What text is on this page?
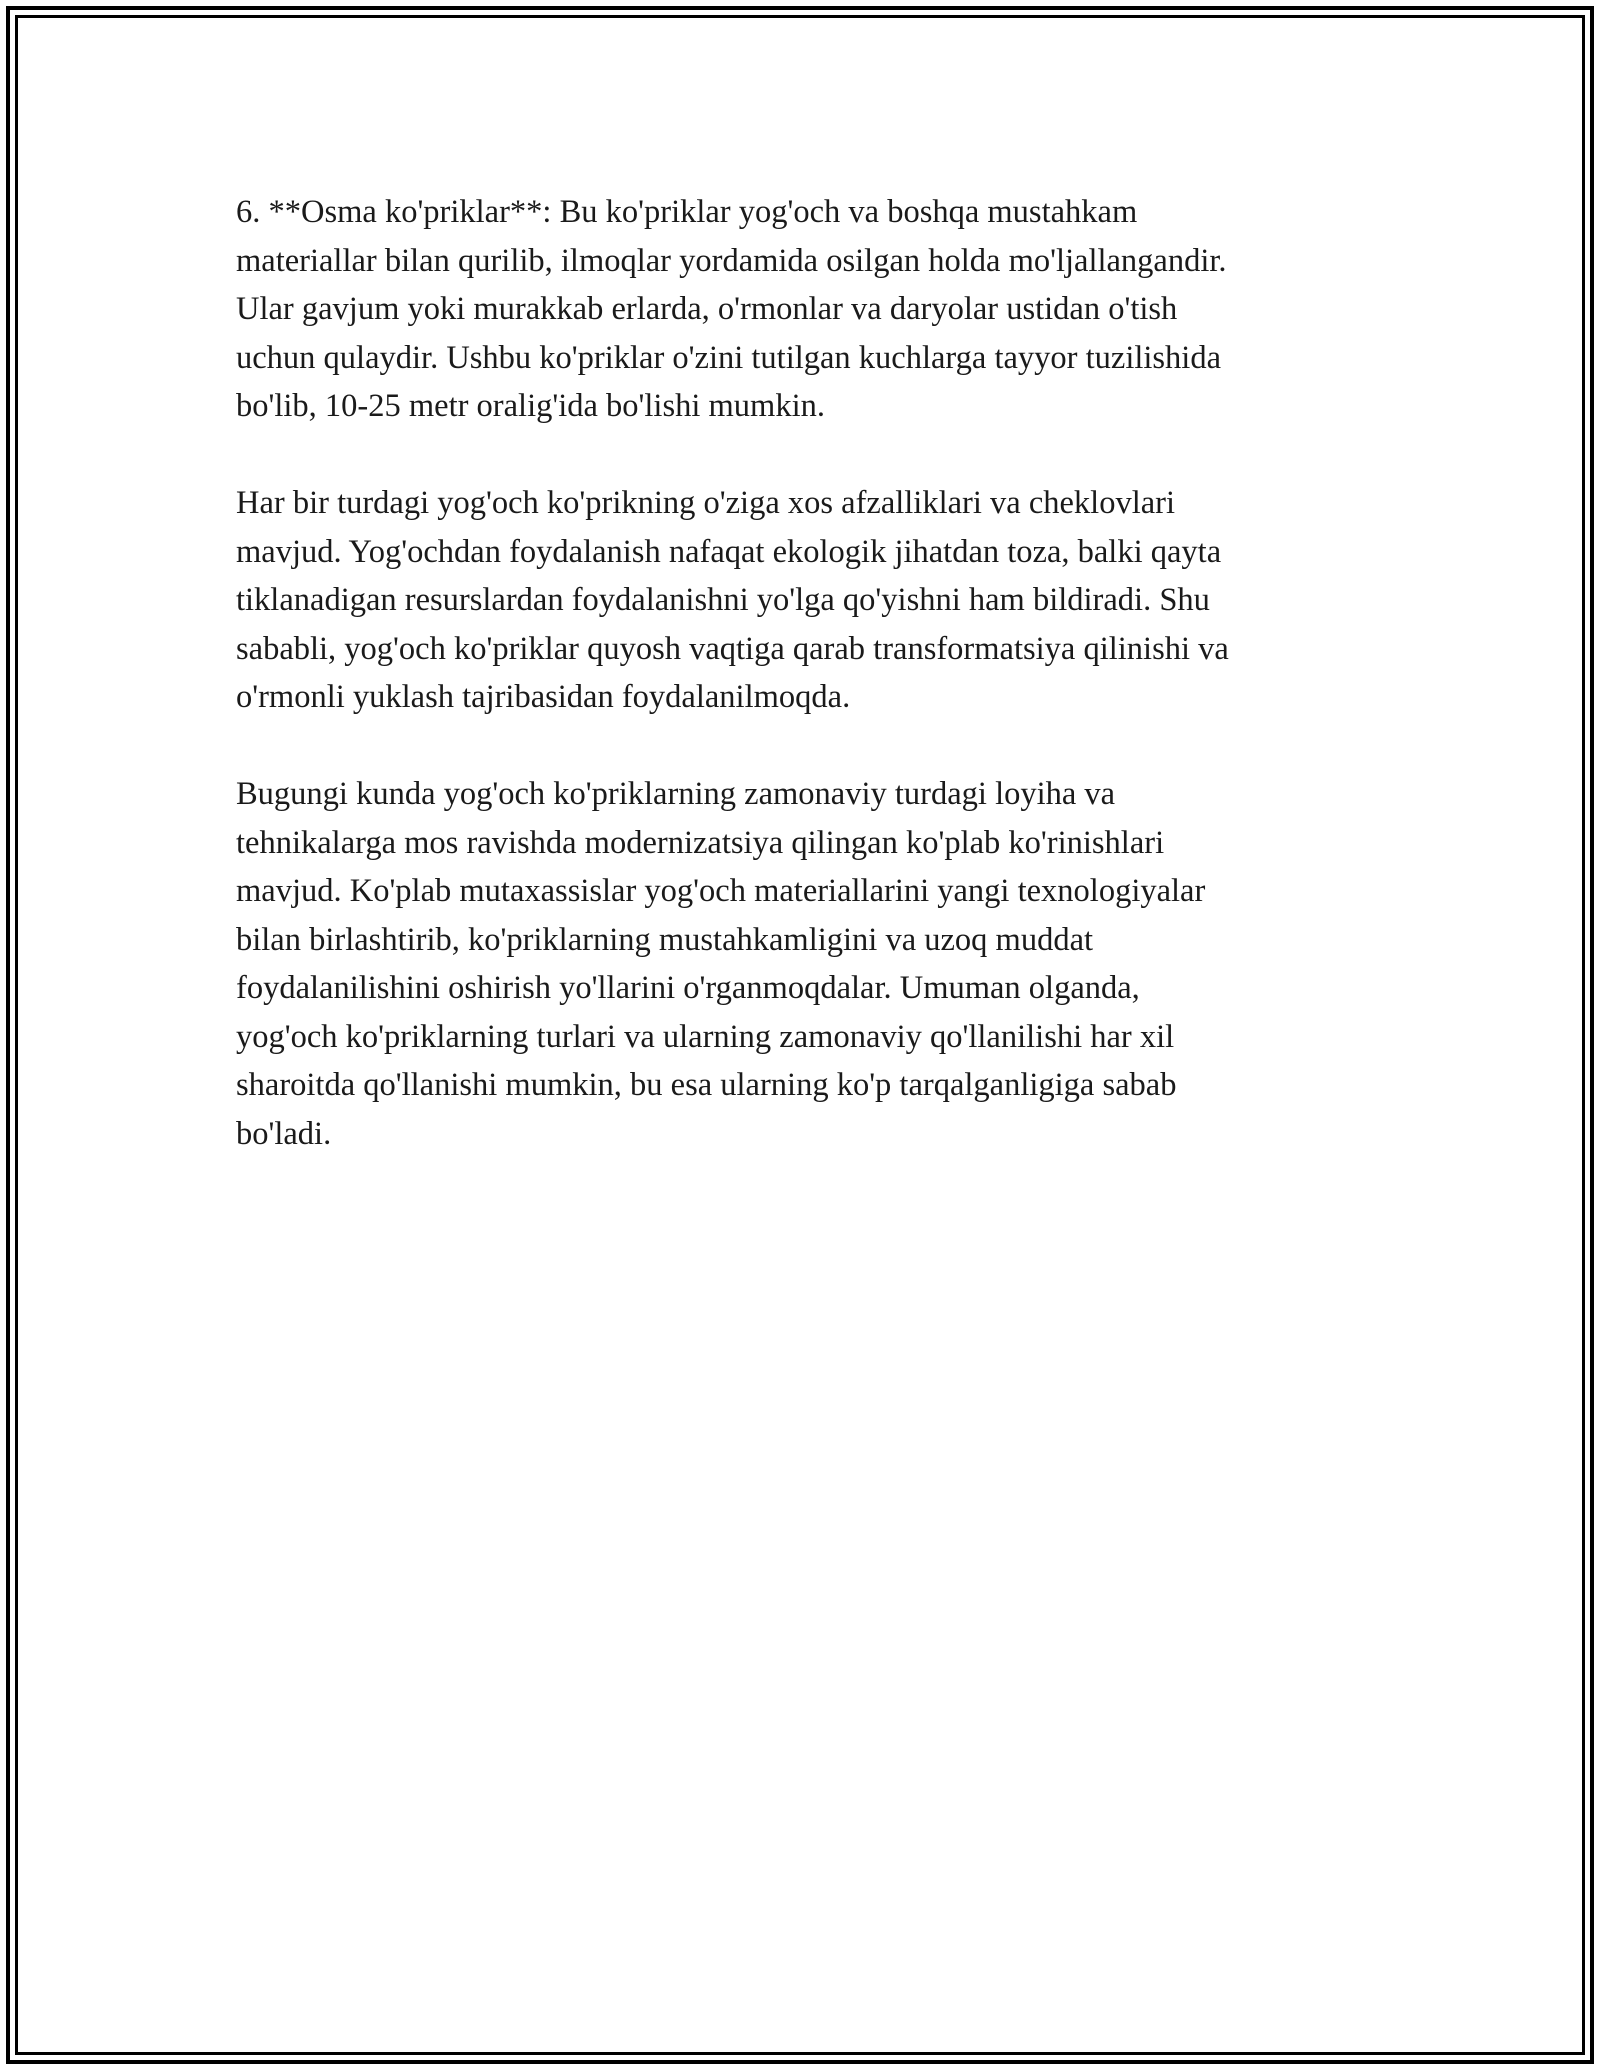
6. **Osma ko'priklar**: Bu ko'priklar yog'och va boshqa mustahkam
materiallar bilan qurilib, ilmoqlar yordamida osilgan holda mo'ljallangandir.
Ular gavjum yoki murakkab erlarda, o'rmonlar va daryolar ustidan o'tish
uchun qulaydir. Ushbu ko'priklar o'zini tutilgan kuchlarga tayyor tuzilishida
bo'lib, 10-25 metr oralig'ida bo'lishi mumkin.

Har bir turdagi yog'och ko'prikning o'ziga xos afzalliklari va cheklovlari
mavjud. Yog'ochdan foydalanish nafaqat ekologik jihatdan toza, balki qayta
tiklanadigan resurslardan foydalanishni yo'lga qo'yishni ham bildiradi. Shu
sababli, yog'och ko'priklar quyosh vaqtiga qarab transformatsiya qilinishi va
o'rmonli yuklash tajribasidan foydalanilmoqda.

Bugungi kunda yog'och ko'priklarning zamonaviy turdagi loyiha va
tehnikalarga mos ravishda modernizatsiya qilingan ko'plab ko'rinishlari
mavjud. Ko'plab mutaxassislar yog'och materiallarini yangi texnologiyalar
bilan birlashtirib, ko'priklarning mustahkamligini va uzoq muddat
foydalanilishini oshirish yo'llarini o'rganmoqdalar. Umuman olganda,
yog'och ko'priklarning turlari va ularning zamonaviy qo'llanilishi har xil
sharoitda qo'llanishi mumkin, bu esa ularning ko'p tarqalganligiga sabab
bo'ladi.
